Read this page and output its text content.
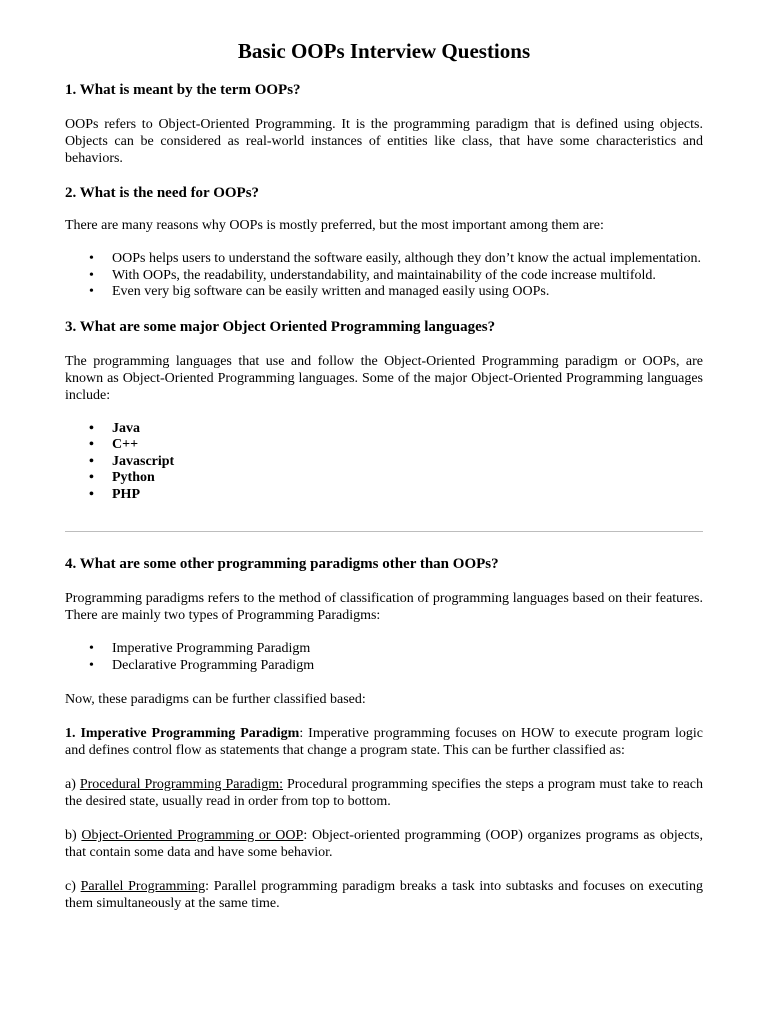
Basic OOPs Interview Questions
1. What is meant by the term OOPs?

OOPs refers to Object-Oriented Programming. It is the programming paradigm that is defined using objects. Objects can be considered as real-world instances of entities like class, that have some characteristics and behaviors.

2. What is the need for OOPs?

There are many reasons why OOPs is mostly preferred, but the most important among them are:

• OOPs helps users to understand the software easily, although they don’t know the actual implementation.
• With OOPs, the readability, understandability, and maintainability of the code increase multifold.
• Even very big software can be easily written and managed easily using OOPs.
3. What are some major Object Oriented Programming languages?

The programming languages that use and follow the Object-Oriented Programming paradigm or OOPs, are known as Object-Oriented Programming languages. Some of the major Object-Oriented Programming languages include:

• Java
• C++
• Javascript
• Python
• PHP
4. What are some other programming paradigms other than OOPs?

Programming paradigms refers to the method of classification of programming languages based on their features. There are mainly two types of Programming Paradigms:

• Imperative Programming Paradigm
• Declarative Programming Paradigm

Now, these paradigms can be further classified based:

1. Imperative Programming Paradigm: Imperative programming focuses on HOW to execute program logic and defines control flow as statements that change a program state. This can be further classified as:

a) Procedural Programming Paradigm: Procedural programming specifies the steps a program must take to reach the desired state, usually read in order from top to bottom.

b) Object-Oriented Programming or OOP: Object-oriented programming (OOP) organizes programs as objects, that contain some data and have some behavior.

c) Parallel Programming: Parallel programming paradigm breaks a task into subtasks and focuses on executing them simultaneously at the same time.
